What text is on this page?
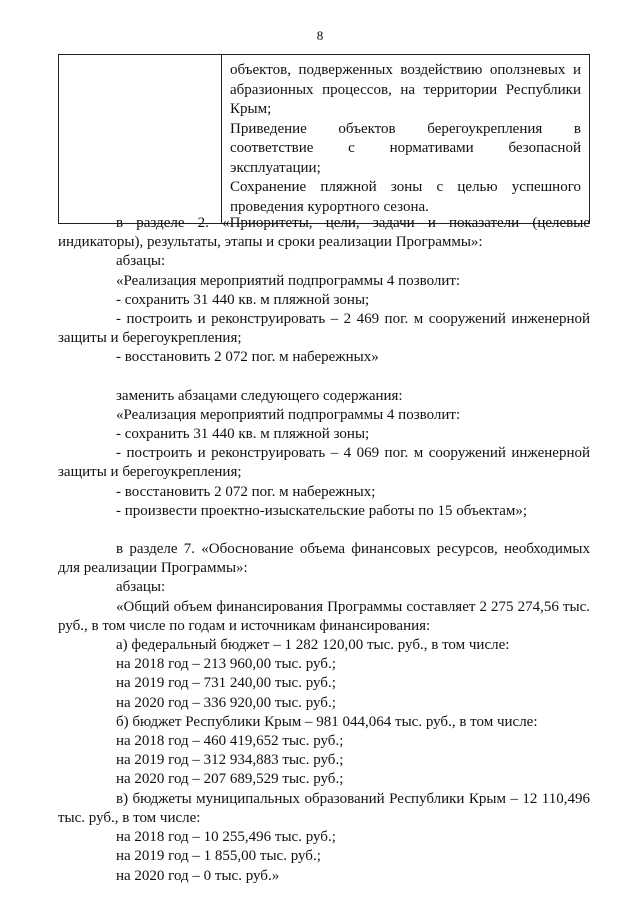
8

объектов, подверженных воздействию оползневых и абразионных процессов, на территории Республики Крым;
Приведение объектов берегоукрепления в соответствие с нормативами безопасной эксплуатации;
Сохранение пляжной зоны с целью успешного проведения курортного сезона.

в разделе 2. «Приоритеты, цели, задачи и показатели (целевые индикаторы), результаты, этапы и сроки реализации Программы»:

абзацы:

«Реализация мероприятий подпрограммы 4 позволит:

- сохранить 31 440 кв. м пляжной зоны;

- построить и реконструировать – 2 469 пог. м сооружений инженерной защиты и берегоукрепления;

- восстановить 2 072 пог. м набережных»

заменить абзацами следующего содержания:

«Реализация мероприятий подпрограммы 4 позволит:

- сохранить 31 440 кв. м пляжной зоны;

- построить и реконструировать – 4 069 пог. м сооружений инженерной защиты и берегоукрепления;

- восстановить 2 072 пог. м набережных;

- произвести проектно-изыскательские работы по 15 объектам»;

в разделе 7. «Обоснование объема финансовых ресурсов, необходимых для реализации Программы»:

абзацы:

«Общий объем финансирования Программы составляет 2 275 274,56 тыс. руб., в том числе по годам и источникам финансирования:

а) федеральный бюджет – 1 282 120,00 тыс. руб., в том числе:

на 2018 год – 213 960,00 тыс. руб.;

на 2019 год – 731 240,00 тыс. руб.;

на 2020 год – 336 920,00 тыс. руб.;

б) бюджет Республики Крым – 981 044,064 тыс. руб., в том числе:

на 2018 год – 460 419,652 тыс. руб.;

на 2019 год – 312 934,883 тыс. руб.;

на 2020 год – 207 689,529 тыс. руб.;

в) бюджеты муниципальных образований Республики Крым – 12 110,496 тыс. руб., в том числе:

на 2018 год – 10 255,496 тыс. руб.;

на 2019 год – 1 855,00 тыс. руб.;

на 2020 год – 0 тыс. руб.»
